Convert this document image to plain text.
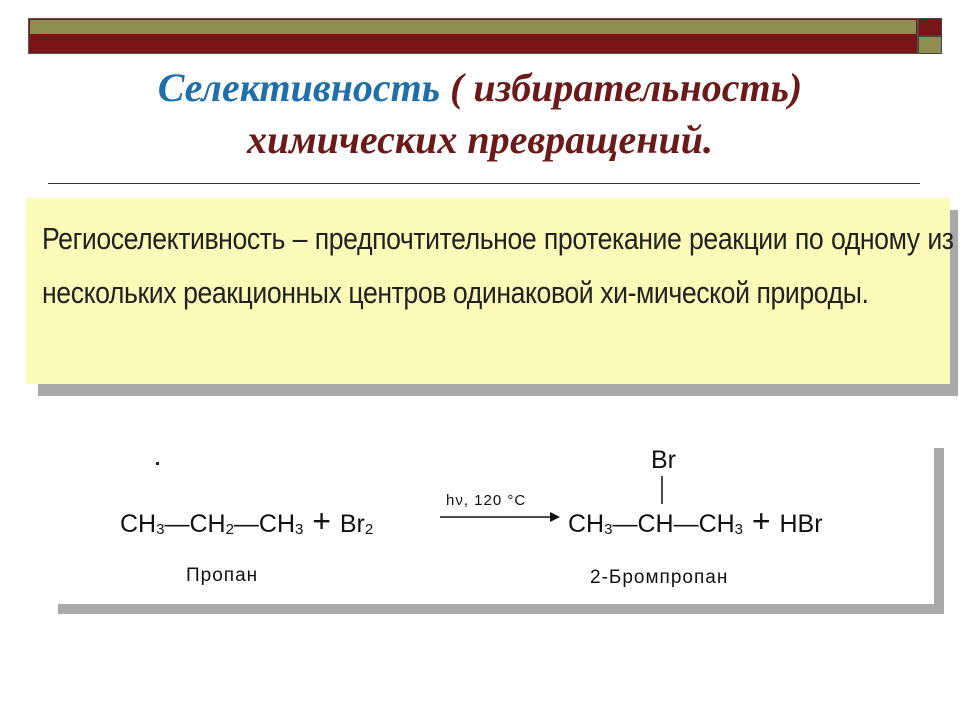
Селективность ( избирательность)
химических превращений.
Региоселективность – предпочтительное протекание реакции по одному из нескольких реакционных центров одинаковой хи-мической природы.
$CH_3—CH_2—CH_3 + Br_2$
hν, 120 °C
Br
$CH_3—CH—CH_3$ + HBr
Пропан	2-Бромпропан
